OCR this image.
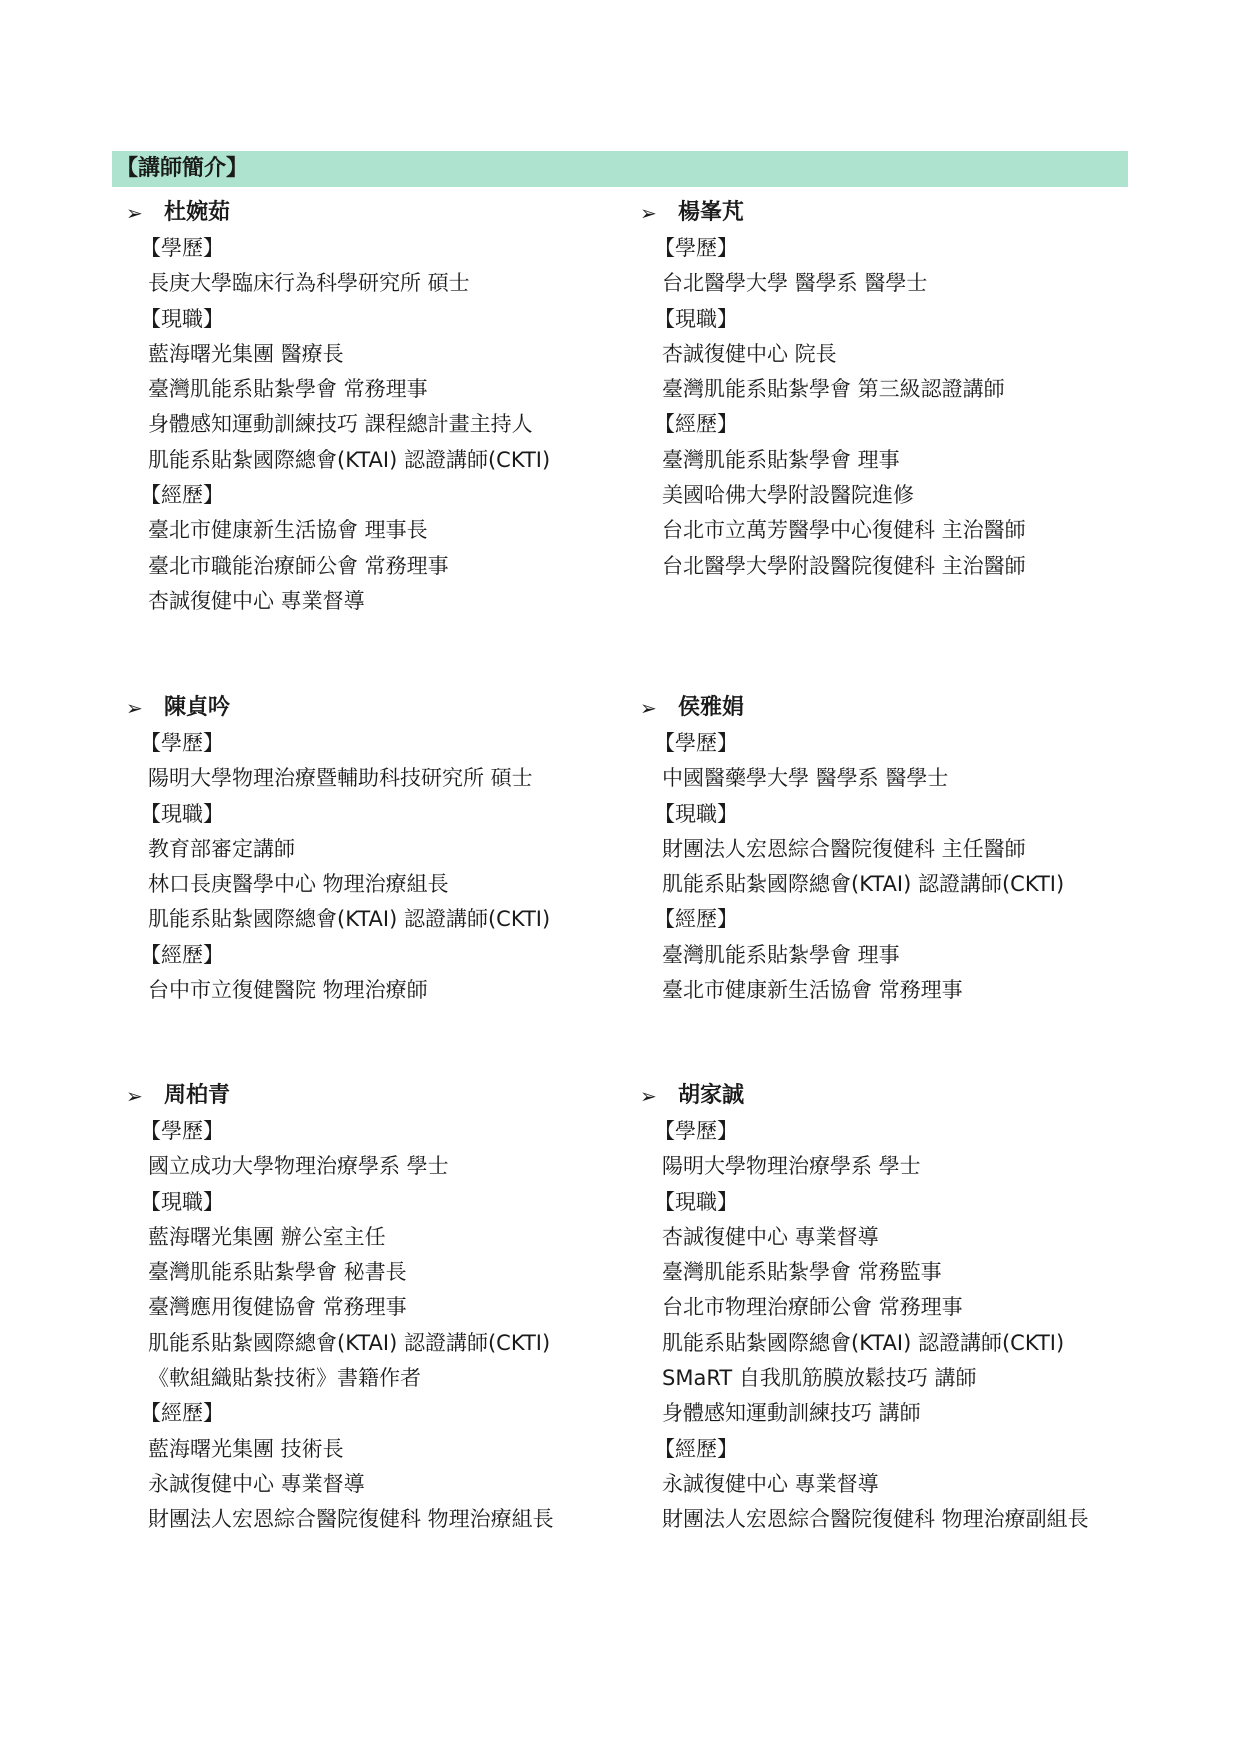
【講師簡介】
➢ 杜婉茹
【學歷】
長庚大學臨床行為科學研究所 碩士
【現職】
藍海曙光集團 醫療長
臺灣肌能系貼紮學會 常務理事
身體感知運動訓練技巧 課程總計畫主持人
肌能系貼紮國際總會(KTAI) 認證講師(CKTI)
【經歷】
臺北市健康新生活協會 理事長
臺北市職能治療師公會 常務理事
杏誠復健中心 專業督導
➢ 楊峯芃
【學歷】
台北醫學大學 醫學系 醫學士
【現職】
杏誠復健中心 院長
臺灣肌能系貼紮學會 第三級認證講師
【經歷】
臺灣肌能系貼紮學會 理事
美國哈佛大學附設醫院進修
台北市立萬芳醫學中心復健科 主治醫師
台北醫學大學附設醫院復健科 主治醫師
➢ 陳貞吟
【學歷】
陽明大學物理治療暨輔助科技研究所 碩士
【現職】
教育部審定講師
林口長庚醫學中心 物理治療組長
肌能系貼紮國際總會(KTAI) 認證講師(CKTI)
【經歷】
台中市立復健醫院 物理治療師
➢ 侯雅娟
【學歷】
中國醫藥學大學 醫學系 醫學士
【現職】
財團法人宏恩綜合醫院復健科 主任醫師
肌能系貼紮國際總會(KTAI) 認證講師(CKTI)
【經歷】
臺灣肌能系貼紮學會 理事
臺北市健康新生活協會 常務理事
➢ 周柏青
【學歷】
國立成功大學物理治療學系 學士
【現職】
藍海曙光集團 辦公室主任
臺灣肌能系貼紮學會 秘書長
臺灣應用復健協會 常務理事
肌能系貼紮國際總會(KTAI) 認證講師(CKTI)
《軟組織貼紮技術》書籍作者
【經歷】
藍海曙光集團 技術長
永誠復健中心 專業督導
財團法人宏恩綜合醫院復健科 物理治療組長
➢ 胡家誠
【學歷】
陽明大學物理治療學系 學士
【現職】
杏誠復健中心 專業督導
臺灣肌能系貼紮學會 常務監事
台北市物理治療師公會 常務理事
肌能系貼紮國際總會(KTAI) 認證講師(CKTI)
SMaRT 自我肌筋膜放鬆技巧 講師
身體感知運動訓練技巧 講師
【經歷】
永誠復健中心 專業督導
財團法人宏恩綜合醫院復健科 物理治療副組長
